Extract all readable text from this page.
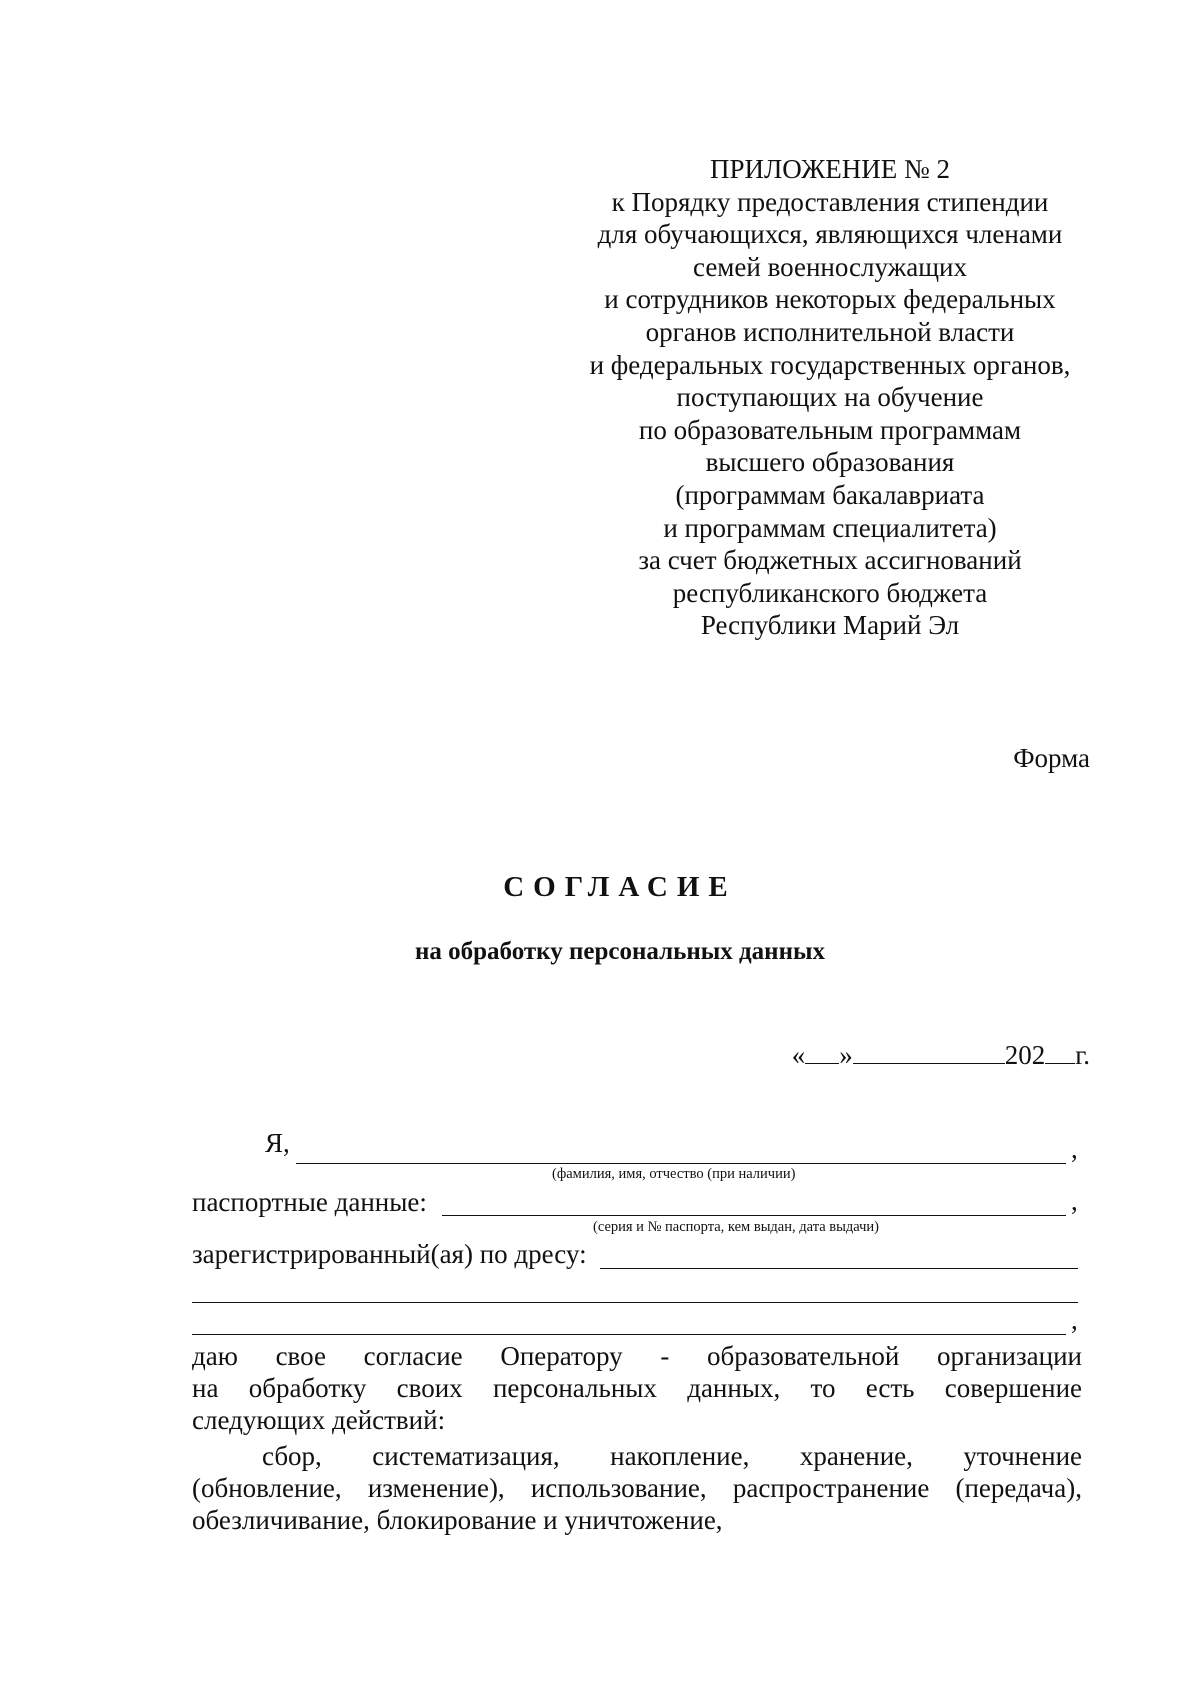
ПРИЛОЖЕНИЕ № 2
к Порядку предоставления стипендии
для обучающихся, являющихся членами
семей военнослужащих
и сотрудников некоторых федеральных
органов исполнительной власти
и федеральных государственных органов,
поступающих на обучение
по образовательным программам
высшего образования
(программам бакалавриата
и программам специалитета)
за счет бюджетных ассигнований
республиканского бюджета
Республики Марий Эл
Форма
СОГЛАСИЕ
на обработку персональных данных
« »	202 г.
Я,	,
(фамилия, имя, отчество (при наличии)
паспортные данные:	,
(серия и № паспорта, кем выдан, дата выдачи)
зарегистрированный(ая) по дресу:
,
даю свое согласие Оператору - образовательной организации
на обработку своих персональных данных, то есть совершение
следующих действий:
сбор, систематизация, накопление, хранение, уточнение
(обновление, изменение), использование, распространение (передача),
обезличивание, блокирование и уничтожение,
